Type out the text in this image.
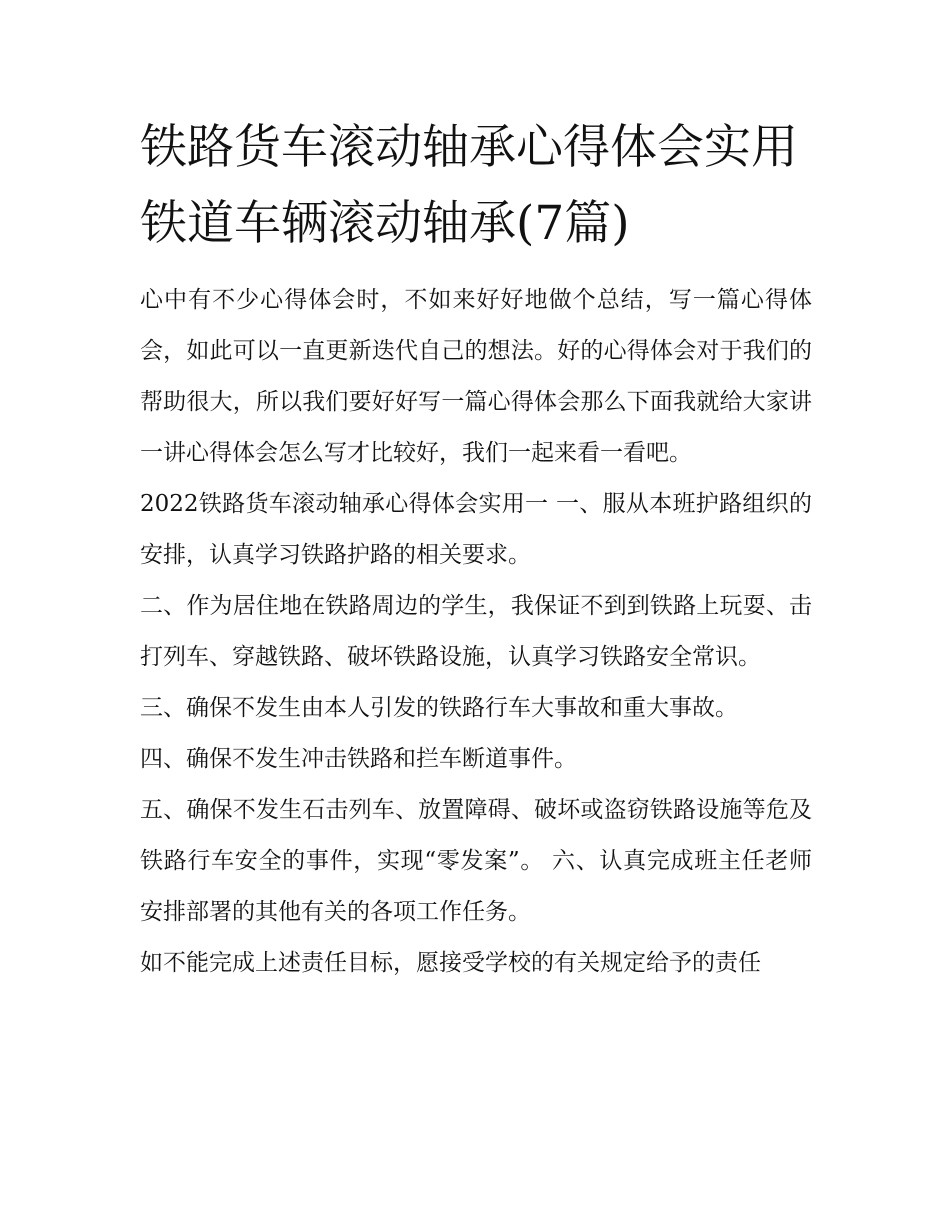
铁路货车滚动轴承心得体会实用 铁道车辆滚动轴承(7篇)

心中有不少心得体会时，不如来好好地做个总结，写一篇心得体会，如此可以一直更新迭代自己的想法。好的心得体会对于我们的帮助很大，所以我们要好好写一篇心得体会那么下面我就给大家讲一讲心得体会怎么写才比较好，我们一起来看一看吧。

2022铁路货车滚动轴承心得体会实用一 一、服从本班护路组织的安排，认真学习铁路护路的相关要求。

二、作为居住地在铁路周边的学生，我保证不到到铁路上玩耍、击打列车、穿越铁路、破坏铁路设施，认真学习铁路安全常识。

三、确保不发生由本人引发的铁路行车大事故和重大事故。

四、确保不发生冲击铁路和拦车断道事件。

五、确保不发生石击列车、放置障碍、破坏或盗窃铁路设施等危及铁路行车安全的事件，实现“零发案”。 六、认真完成班主任老师安排部署的其他有关的各项工作任务。

如不能完成上述责任目标，愿接受学校的有关规定给予的责任
